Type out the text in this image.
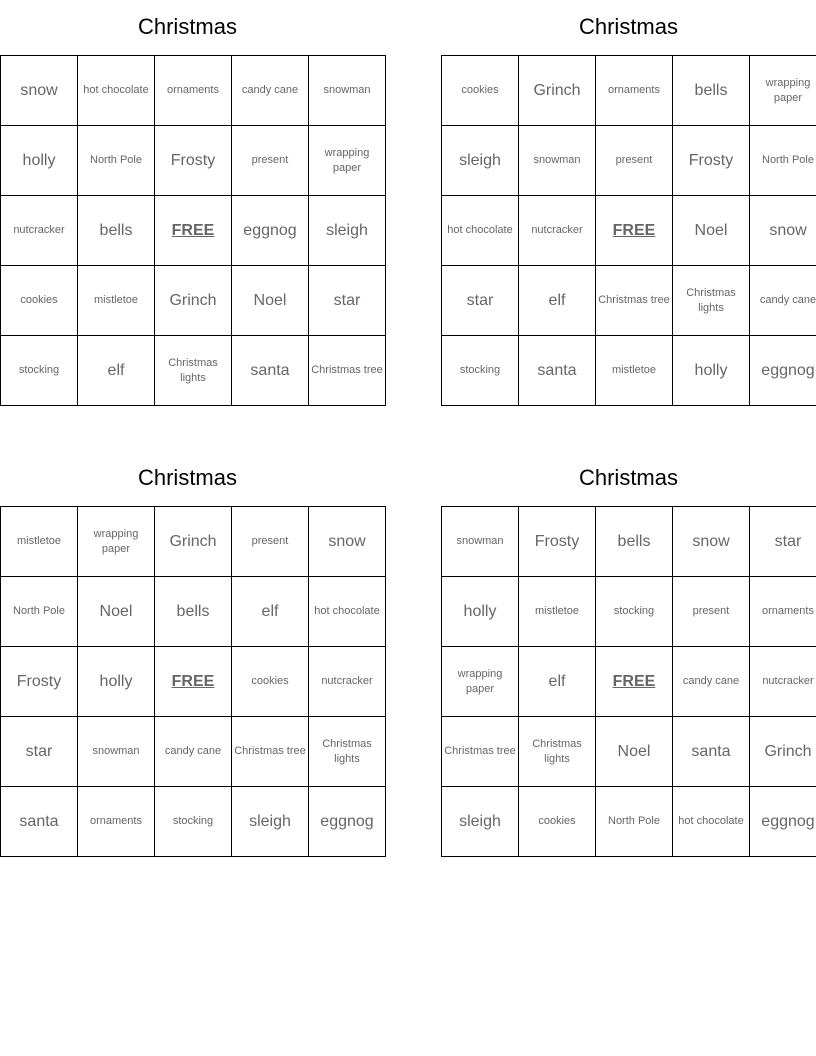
Christmas
snow	hot chocolate	ornaments	candy cane	snowman
holly	North Pole	Frosty	present	wrapping paper
nutcracker	bells	FREE	eggnog	sleigh
cookies	mistletoe	Grinch	Noel	star
stocking	elf	Christmas lights	santa	Christmas tree
Christmas
cookies	Grinch	ornaments	bells	wrapping paper
sleigh	snowman	present	Frosty	North Pole
hot chocolate	nutcracker	FREE	Noel	snow
star	elf	Christmas tree	Christmas lights	candy cane
stocking	santa	mistletoe	holly	eggnog
Christmas
mistletoe	wrapping paper	Grinch	present	snow
North Pole	Noel	bells	elf	hot chocolate
Frosty	holly	FREE	cookies	nutcracker
star	snowman	candy cane	Christmas tree	Christmas lights
santa	ornaments	stocking	sleigh	eggnog
Christmas
snowman	Frosty	bells	snow	star
holly	mistletoe	stocking	present	ornaments
wrapping paper	elf	FREE	candy cane	nutcracker
Christmas tree	Christmas lights	Noel	santa	Grinch
sleigh	cookies	North Pole	hot chocolate	eggnog
